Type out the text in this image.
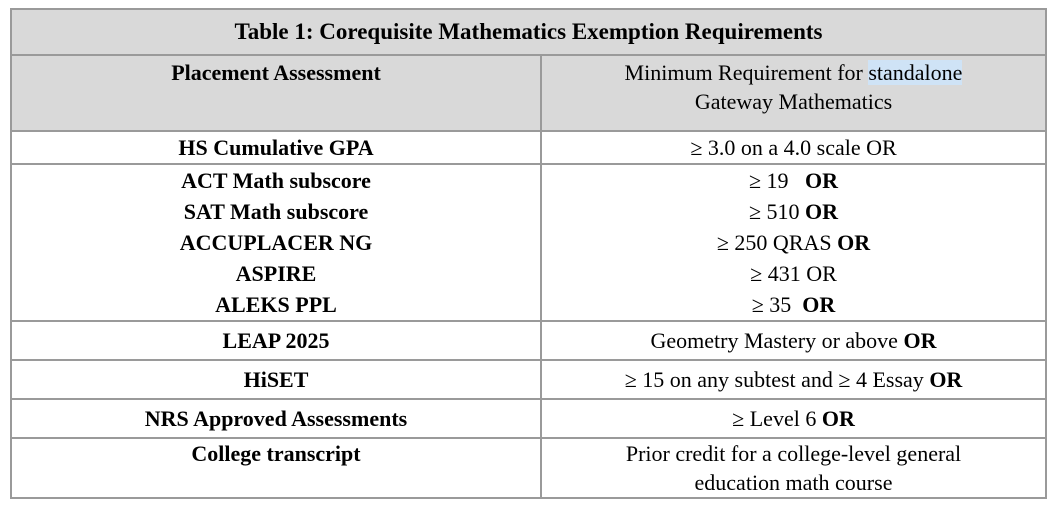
Table 1: Corequisite Mathematics Exemption Requirements	
Placement Assessment	Minimum Requirement for standalone
Gateway Mathematics
HS Cumulative GPA	≥ 3.0 on a 4.0 scale OR
ACT Math subscore	≥ 19   OR
SAT Math subscore	≥ 510 OR
ACCUPLACER NG	≥ 250 QRAS OR
ASPIRE	≥ 431 OR
ALEKS PPL	≥ 35  OR
LEAP 2025	Geometry Mastery or above OR
HiSET	≥ 15 on any subtest and ≥ 4 Essay OR
NRS Approved Assessments	≥ Level 6 OR
College transcript	Prior credit for a college-level general
education math course
